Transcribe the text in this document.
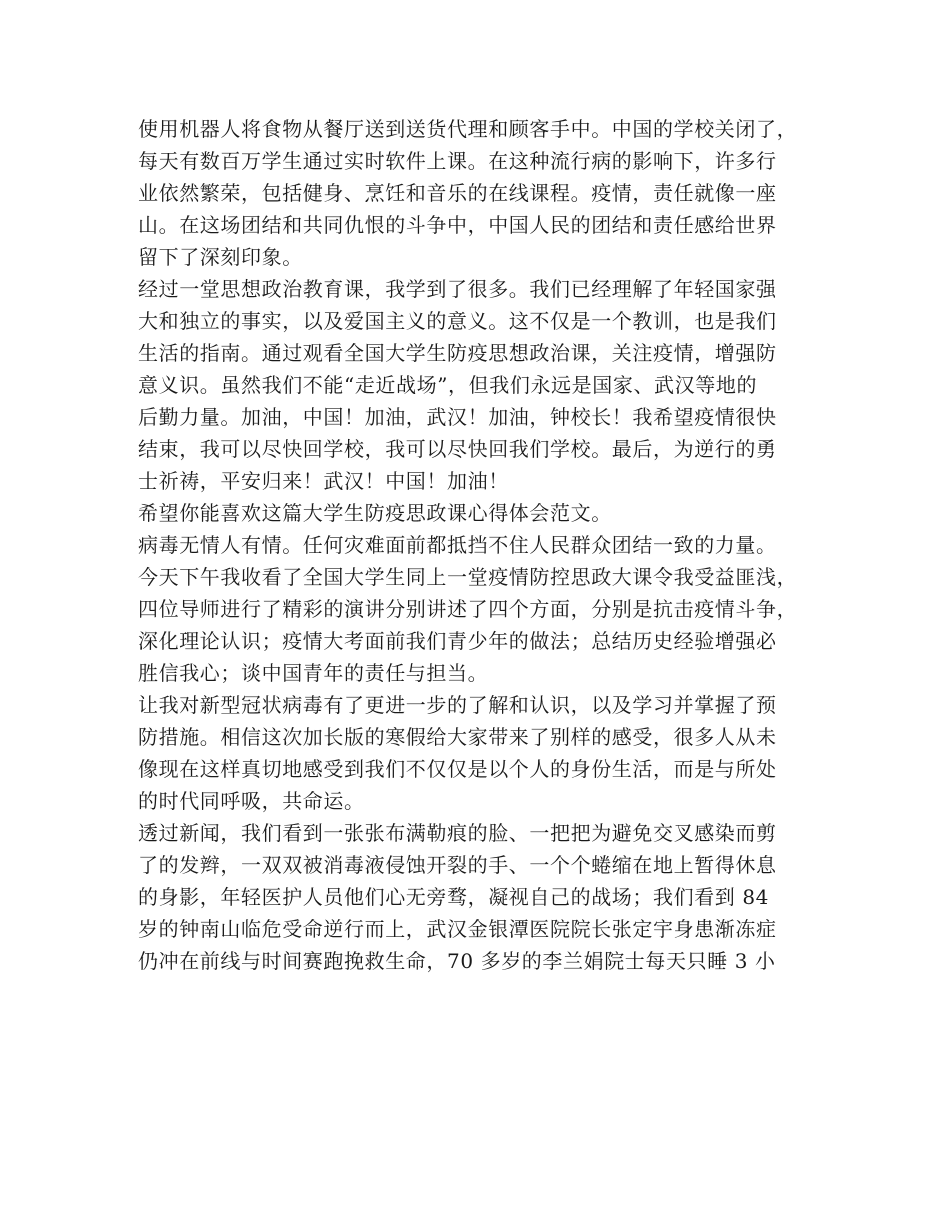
使用机器人将食物从餐厅送到送货代理和顾客手中。中国的学校关闭了，
每天有数百万学生通过实时软件上课。在这种流行病的影响下，许多行
业依然繁荣，包括健身、烹饪和音乐的在线课程。疫情，责任就像一座
山。在这场团结和共同仇恨的斗争中，中国人民的团结和责任感给世界
留下了深刻印象。
经过一堂思想政治教育课，我学到了很多。我们已经理解了年轻国家强
大和独立的事实，以及爱国主义的意义。这不仅是一个教训，也是我们
生活的指南。通过观看全国大学生防疫思想政治课，关注疫情，增强防
意义识。虽然我们不能“走近战场”，但我们永远是国家、武汉等地的
后勤力量。加油，中国！加油，武汉！加油，钟校长！我希望疫情很快
结束，我可以尽快回学校，我可以尽快回我们学校。最后，为逆行的勇
士祈祷，平安归来！武汉！中国！加油！
希望你能喜欢这篇大学生防疫思政课心得体会范文。
病毒无情人有情。任何灾难面前都抵挡不住人民群众团结一致的力量。
今天下午我收看了全国大学生同上一堂疫情防控思政大课令我受益匪浅，
四位导师进行了精彩的演讲分别讲述了四个方面，分别是抗击疫情斗争，
深化理论认识；疫情大考面前我们青少年的做法；总结历史经验增强必
胜信我心；谈中国青年的责任与担当。
让我对新型冠状病毒有了更进一步的了解和认识，以及学习并掌握了预
防措施。相信这次加长版的寒假给大家带来了别样的感受，很多人从未
像现在这样真切地感受到我们不仅仅是以个人的身份生活，而是与所处
的时代同呼吸，共命运。
透过新闻，我们看到一张张布满勒痕的脸、一把把为避免交叉感染而剪
了的发辫，一双双被消毒液侵蚀开裂的手、一个个蜷缩在地上暂得休息
的身影，年轻医护人员他们心无旁骛，凝视自己的战场；我们看到 84
岁的钟南山临危受命逆行而上，武汉金银潭医院院长张定宇身患渐冻症
仍冲在前线与时间赛跑挽救生命，70 多岁的李兰娟院士每天只睡 3 小
